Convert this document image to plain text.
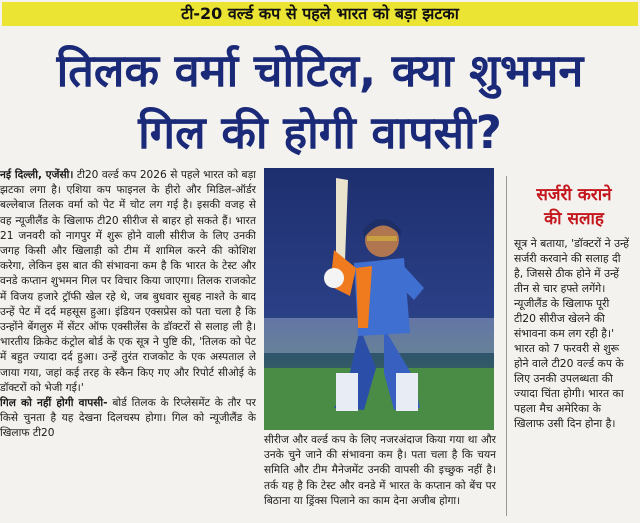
टी-20 वर्ल्ड कप से पहले भारत को बड़ा झटका
तिलक वर्मा चोटिल, क्या शुभमन
गिल की होगी वापसी?

नई दिल्ली, एजेंसी। टी20 वर्ल्ड कप 2026 से पहले भारत को बड़ा झटका लगा है। एशिया कप फाइनल के हीरो और मिडिल-ऑर्डर बल्लेबाज तिलक वर्मा को पेट में चोट लग गई है। इसकी वजह से वह न्यूजीलैंड के खिलाफ टी20 सीरीज से बाहर हो सकते हैं। भारत 21 जनवरी को नागपुर में शुरू होने वाली सीरीज के लिए उनकी जगह किसी और खिलाड़ी को टीम में शामिल करने की कोशिश करेगा, लेकिन इस बात की संभावना कम है कि भारत के टेस्ट और वनडे कप्तान शुभमन गिल पर विचार किया जाएगा। तिलक राजकोट में विजय हजारे ट्रॉफी खेल रहे थे, जब बुधवार सुबह नाश्ते के बाद उन्हें पेट में दर्द महसूस हुआ। इंडियन एक्सप्रेस को पता चला है कि उन्होंने बेंगलुरु में सेंटर ऑफ एक्सीलेंस के डॉक्टरों से सलाह ली है। भारतीय क्रिकेट कंट्रोल बोर्ड के एक सूत्र ने पुष्टि की, 'तिलक को पेट में बहुत ज्यादा दर्द हुआ। उन्हें तुरंत राजकोट के एक अस्पताल ले जाया गया, जहां कई तरह के स्कैन किए गए और रिपोर्ट सीओई के डॉक्टरों को भेजी गई।'

गिल को नहीं होगी वापसी- बोर्ड तिलक के रिप्लेसमेंट के तौर पर किसे चुनता है यह देखना दिलचस्प होगा। गिल को न्यूजीलैंड के खिलाफ टी20

सीरीज और वर्ल्ड कप के लिए नजरअंदाज किया गया था और उनके चुने जाने की संभावना कम है। पता चला है कि चयन समिति और टीम मैनेजमेंट उनकी वापसी की इच्छुक नहीं है। तर्क यह है कि टेस्ट और वनडे में भारत के कप्तान को बेंच पर बिठाना या ड्रिंक्स पिलाने का काम देना अजीब होगा।

सर्जरी कराने
की सलाह

सूत्र ने बताया, 'डॉक्टरों ने उन्हें सर्जरी करवाने की सलाह दी है, जिससे ठीक होने में उन्हें तीन से चार हफ्ते लगेंगे। न्यूजीलैंड के खिलाफ पूरी टी20 सीरीज खेलने की संभावना कम लग रही है।'

भारत को 7 फरवरी से शुरू होने वाले टी20 वर्ल्ड कप के लिए उनकी उपलब्धता की ज्यादा चिंता होगी। भारत का पहला मैच अमेरिका के खिलाफ उसी दिन होना है।
